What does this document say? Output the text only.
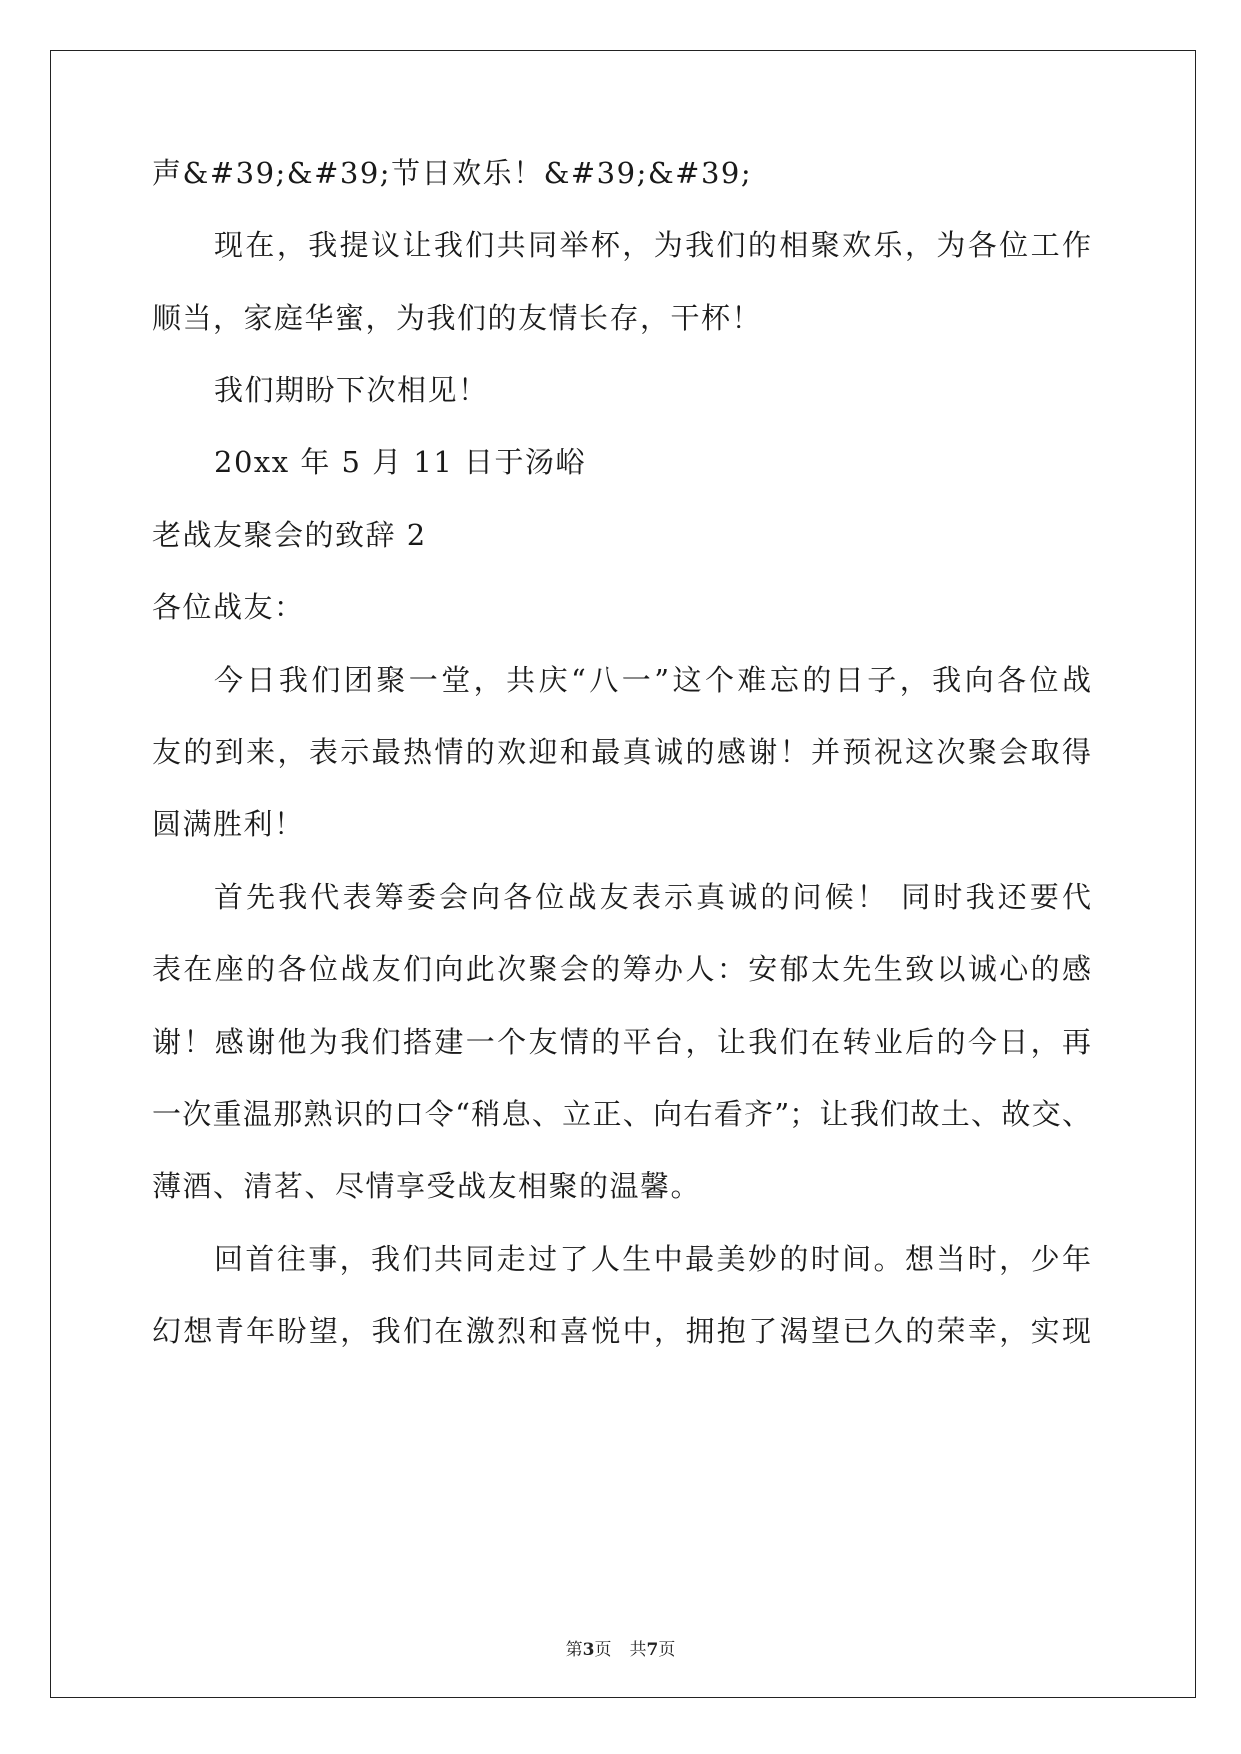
声&#39;&#39;节日欢乐！&#39;&#39;
现在，我提议让我们共同举杯，为我们的相聚欢乐，为各位工作
顺当，家庭华蜜，为我们的友情长存，干杯！
我们期盼下次相见！
20xx 年 5 月 11 日于汤峪
老战友聚会的致辞 2
各位战友：
今日我们团聚一堂，共庆“八一”这个难忘的日子，我向各位战
友的到来，表示最热情的欢迎和最真诚的感谢！并预祝这次聚会取得
圆满胜利！
首先我代表筹委会向各位战友表示真诚的问候！ 同时我还要代
表在座的各位战友们向此次聚会的筹办人：安郁太先生致以诚心的感
谢！感谢他为我们搭建一个友情的平台，让我们在转业后的今日，再
一次重温那熟识的口令“稍息、立正、向右看齐”；让我们故土、故交、
薄酒、清茗、尽情享受战友相聚的温馨。
回首往事，我们共同走过了人生中最美妙的时间。想当时，少年
幻想青年盼望，我们在激烈和喜悦中，拥抱了渴望已久的荣幸，实现
第3页 共7页
